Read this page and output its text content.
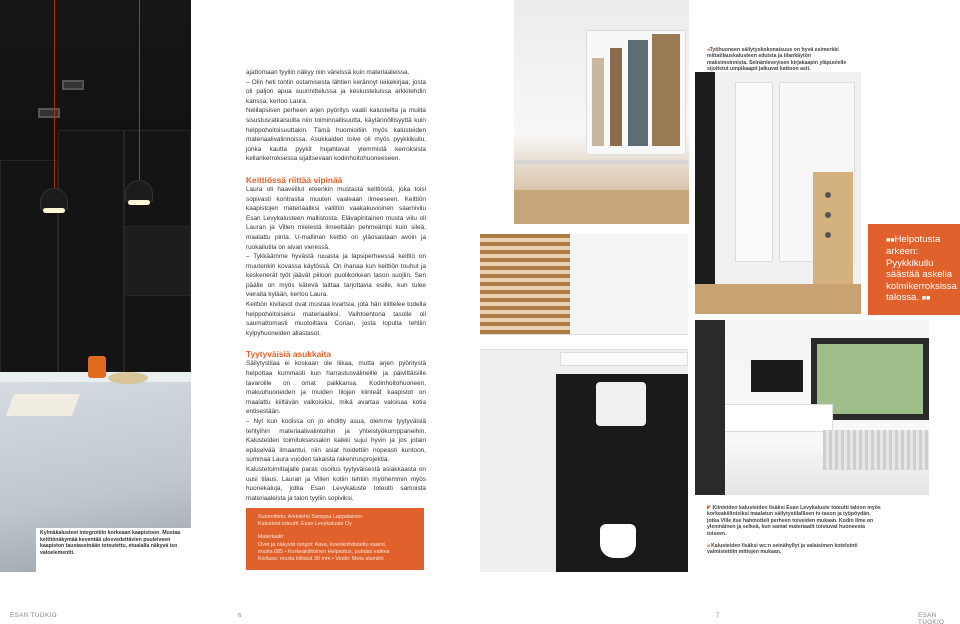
Kylmäkalusteet integroitiin korkeaan kaapistoon. Mustaa keittiönäkymää keventää ulosvedettävien puuleiveen kaapiston taustaseinään toteutettu, etualalla näkyvä iso valoelementti.

ajattomaan tyyliin näkyy niin väreissä kuin materiaaleissa.

– Olin heti tontin ostamisesta lähtien kerännyt leikekirjaa, josta oli paljon apua suunnittelussa ja keskusteluissa arkkitehdin kanssa, kertoo Laura.

Nelilapsisen perheen arjen pyöritys vaatii kalusteilta ja muilta sisustusratkaisuilta niin toiminnallisuutta, käytännöllisyyttä kuin helppohoitoisuuttakin. Tämä huomioitiin myös kalusteiden materiaalivalinnoissa. Asukkaiden toive oli myös pyykkikuilu, jonka kautta pyykit hujahtavat ylemmistä kerroksista kellarikerroksessa sijaitsevaan kodinhoitohuoneeseen.

Keittiössä riittää vipinää

Laura oli haaveillut eteenkin mustasta keittiöstä, joka toisi sopivasti kontrastia muuten vaaleaan ilmeeseen. Keittiön kaapistojen materiaaliksi valittiin vaakakuvioinen saarnivilu Esan Levykalusteen mallistosta. Elävapintainen musta viilu oli Lauran ja Villen mielestä ilmeeltään pehmeämpi kuin sileä, maalattu pinta. U-mallinen keittiö on yläosastaan avoin ja ruokailutila on aivan vieressä.

– Tykkäämme hyvästä ruuasta ja lapsiperheessä keittiö on muutenkin kovassa käytössä. On ihanaa kun keittiön touhut ja keskenerät työt jäävät piiloon puolikorkean tason suojiin. Sen päälle on myös kätevä laittaa tarjottavia esille, kun tulee vieraita kylään, kertoo Laura.

Keittiön kivitasot ovat mustaa kvartsia, jota hän kiittelee todella helppohoitoiseksi materiaaliksi. Vaihtoehtona tasolle oli saumattomasti muotoiltava Corian, josta lopulta tehtiin kylpyhuoneiden allastasot.

Tyytyväisiä asukkaita

Säilytystilaa ei koskaan ole liikaa, mutta arjen pyöritystä helpottaa kummasti kun harrastusvälineille ja päivittäisille tavaroille on omat paikkansa. Kodinhoitohuoneen, makuuhuoneiden ja muiden tilojen kiinteät kaapistot on maalattu kiiltävän valkoisiksi, mikä avartaa valoisaa kotia entisestään.

– Nyt kun kodissa on jo ehditty asua, olemme tyytyväisiä tehtyihin materiaalivalintoihin ja yhteistyökumppaneihin. Kalusteiden toimituksessakin kaikki sujui hyvin ja jos jotain epäselvää ilmaantui, niin asiat hoidettiin nopeasti kuntoon, summaa Laura vuoden takaista rakennusprojektia.

Kalustetoimittajalle paras osoitus tyytyväisestä asiakkaasta on uusi tilaus. Lauran ja Villen kotiin tehtiin myöhemmin myös huonekaluja, jotka Esan Levykaluste toteutti samoista materiaaleista ja talon tyyliin sopiviksi.

Suunnittelu: Arkkitehti Samppa Lappalainen
Kalusteet toteutti: Esan Levykaluste Oy
Materiaalit:
Ovet ja näkyvät rungot: Aava, kuviokohdistettu saarni,
musta 085 • Korkeakiiltoinen Helpastus, puhdas valkea
Kivitaso: musta kiiltävä 30 mm • Vedin: Meta alumiini
◂Työhuoneen säilytyskokonaisuus on hyvä esimerkki mittatilauskalusteen eduista ja tilankäytön maksimoinnista. Seinänleveyisen kirjakaapin yläpuolelle sijoitetut umpikaapit jatkuvat kattoon asti.

◤ Kiinteiden kalusteiden lisäksi Esan Levykaluste toteutti taloon myös korkeakiiltoisiksi maalatun säilytystilallisen tv-tason ja työpöydän, jotka Ville itse hahmotteli perheen toiveiden mukaan. Kodin ilme on ylenmäinen ja selkeä, kun samat materiaalit toistuvat huoneesta toiseen.

◂ Kalusteiden lisäksi wc:n seinähyllyt ja valaisimen kotelointi valmistettiin mittojen mukaan.

■■Helpotusta arkeen: Pyykkikuilu säästää askelia kolmikerroksissa talossa. ■■
ESAN TUOKIO	6	7	ESAN TUOKIO
